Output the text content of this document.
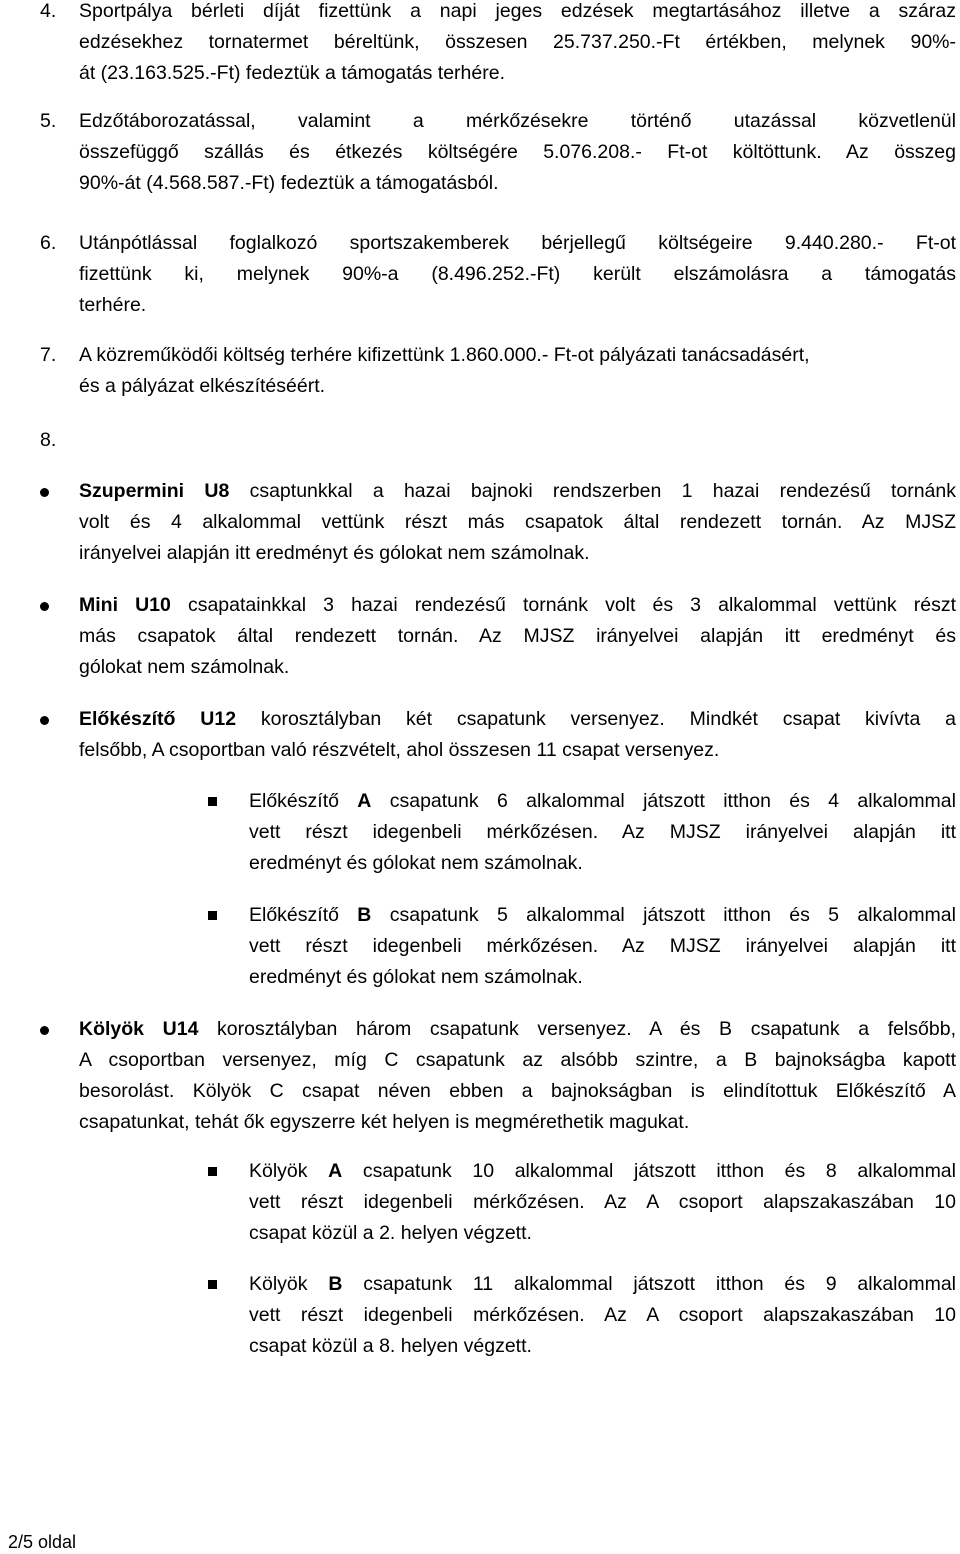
4. Sportpálya bérleti díját fizettünk a napi jeges edzések megtartásához illetve a száraz
edzésekhez tornatermet béreltünk, összesen 25.737.250.-Ft értékben, melynek 90%-
át (23.163.525.-Ft) fedeztük a támogatás terhére.
5. Edzőtáborozatással, valamint a mérkőzésekre történő utazással közvetlenül
összefüggő szállás és étkezés költségére 5.076.208.- Ft-ot költöttunk. Az összeg
90%-át (4.568.587.-Ft) fedeztük a támogatásból.
6. Utánpótlással foglalkozó sportszakemberek bérjellegű költségeire 9.440.280.- Ft-ot
fizettünk ki, melynek 90%-a (8.496.252.-Ft) került elszámolásra a támogatás
terhére.
7. A közreműködői költség terhére kifizettünk 1.860.000.- Ft-ot pályázati tanácsadásért,
és a pályázat elkészítéséért.
8.
Szupermini U8 csaptunkkal a hazai bajnoki rendszerben 1 hazai rendezésű tornánk
volt és 4 alkalommal vettünk részt más csapatok által rendezett tornán. Az MJSZ
irányelvei alapján itt eredményt és gólokat nem számolnak.
Mini U10 csapatainkkal 3 hazai rendezésű tornánk volt és 3 alkalommal vettünk részt
más csapatok által rendezett tornán. Az MJSZ irányelvei alapján itt eredményt és
gólokat nem számolnak.
Előkészítő U12 korosztályban két csapatunk versenyez. Mindkét csapat kivívta a
felsőbb, A csoportban való részvételt, ahol összesen 11 csapat versenyez.
Előkészítő A csapatunk 6 alkalommal játszott itthon és 4 alkalommal
vett részt idegenbeli mérkőzésen. Az MJSZ irányelvei alapján itt
eredményt és gólokat nem számolnak.
Előkészítő B csapatunk 5 alkalommal játszott itthon és 5 alkalommal
vett részt idegenbeli mérkőzésen. Az MJSZ irányelvei alapján itt
eredményt és gólokat nem számolnak.
Kölyök U14 korosztályban három csapatunk versenyez. A és B csapatunk a felsőbb,
A csoportban versenyez, míg C csapatunk az alsóbb szintre, a B bajnokságba kapott
besorolást. Kölyök C csapat néven ebben a bajnokságban is elindítottuk Előkészítő A
csapatunkat, tehát ők egyszerre két helyen is megmérethetik magukat.
Kölyök A csapatunk 10 alkalommal játszott itthon és 8 alkalommal
vett részt idegenbeli mérkőzésen. Az A csoport alapszakaszában 10
csapat közül a 2. helyen végzett.
Kölyök B csapatunk 11 alkalommal játszott itthon és 9 alkalommal
vett részt idegenbeli mérkőzésen. Az A csoport alapszakaszában 10
csapat közül a 8. helyen végzett.
2/5 oldal
